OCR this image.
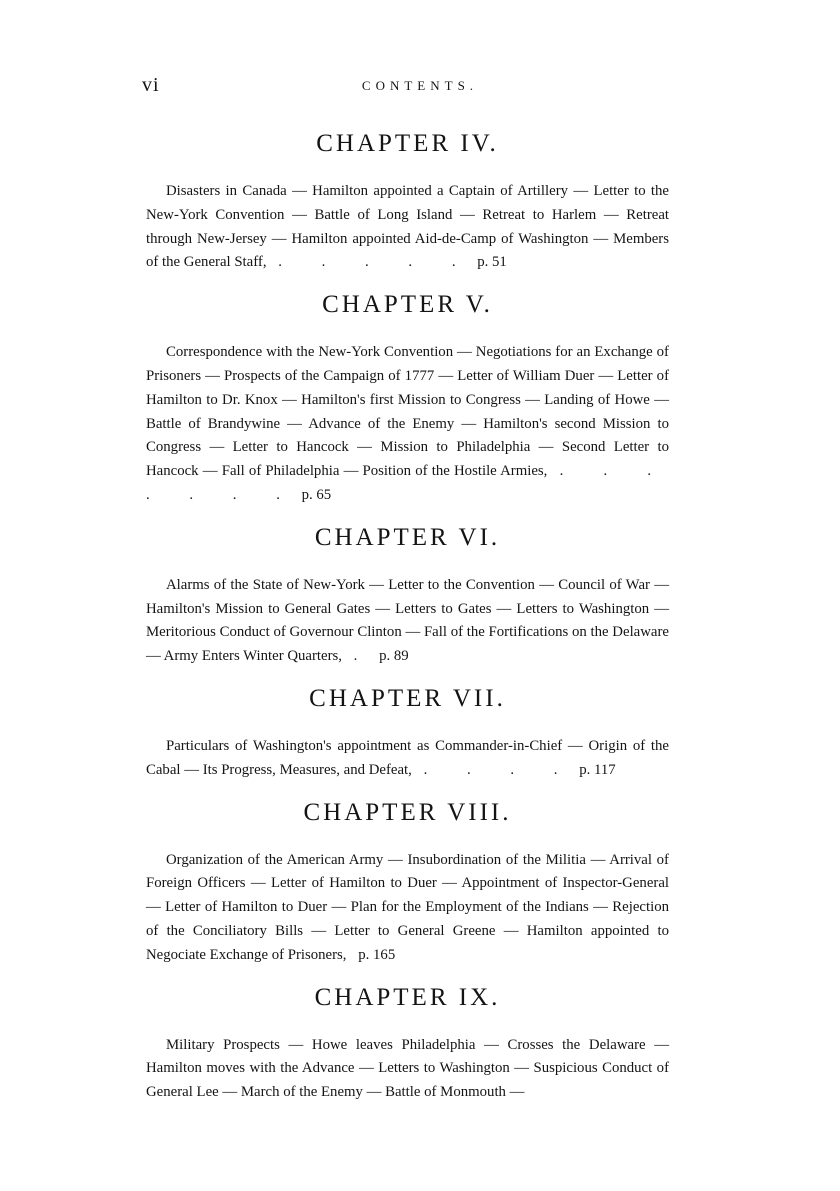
vi	CONTENTS.
CHAPTER IV.

Disasters in Canada — Hamilton appointed a Captain of Artillery — Letter to the New-York Convention — Battle of Long Island — Retreat to Harlem — Retreat through New-Jersey — Hamilton appointed Aid-de-Camp of Washington — Members of the General Staff, . . . . . p. 51

CHAPTER V.

Correspondence with the New-York Convention — Negotiations for an Exchange of Prisoners — Prospects of the Campaign of 1777 — Letter of William Duer — Letter of Hamilton to Dr. Knox — Hamilton's first Mission to Congress — Landing of Howe — Battle of Brandywine — Advance of the Enemy — Hamilton's second Mission to Congress — Letter to Hancock — Mission to Philadelphia — Second Letter to Hancock — Fall of Philadelphia — Position of the Hostile Armies, . . . . . . . p. 65

CHAPTER VI.

Alarms of the State of New-York — Letter to the Convention — Council of War — Hamilton's Mission to General Gates — Letters to Gates — Letters to Washington — Meritorious Conduct of Governour Clinton — Fall of the Fortifications on the Delaware — Army Enters Winter Quarters, . p. 89

CHAPTER VII.

Particulars of Washington's appointment as Commander-in-Chief — Origin of the Cabal — Its Progress, Measures, and Defeat, . . . . p. 117

CHAPTER VIII.

Organization of the American Army — Insubordination of the Militia — Arrival of Foreign Officers — Letter of Hamilton to Duer — Appointment of Inspector-General — Letter of Hamilton to Duer — Plan for the Employment of the Indians — Rejection of the Conciliatory Bills — Letter to General Greene — Hamilton appointed to Negociate Exchange of Prisoners, p. 165

CHAPTER IX.

Military Prospects — Howe leaves Philadelphia — Crosses the Delaware — Hamilton moves with the Advance — Letters to Washington — Suspicious Conduct of General Lee — March of the Enemy — Battle of Monmouth —
